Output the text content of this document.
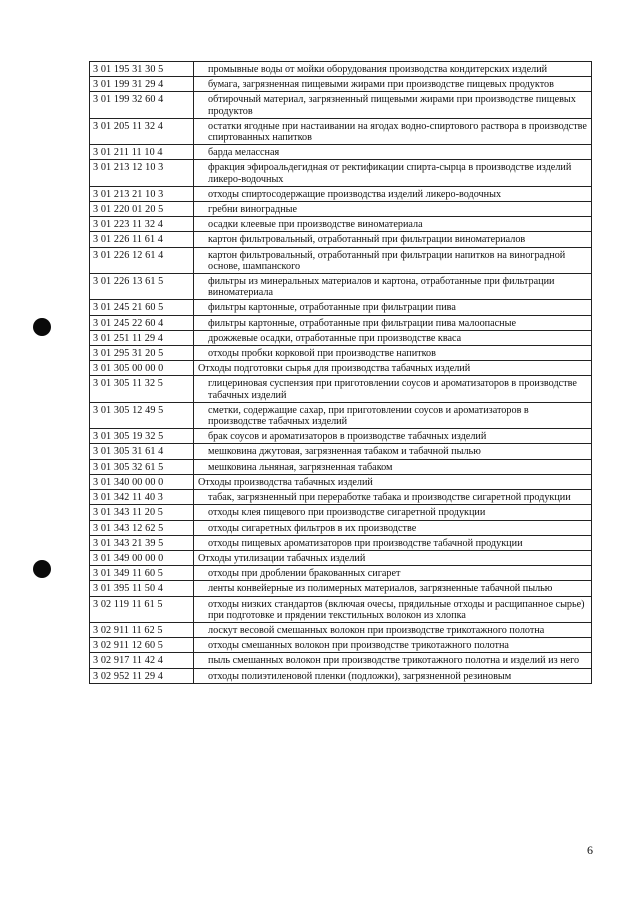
3 01 195 31 30 5	промывные воды от мойки оборудования производства кондитерских изделий
3 01 199 31 29 4	бумага, загрязненная пищевыми жирами при производстве пищевых продуктов
3 01 199 32 60 4	обтирочный материал, загрязненный пищевыми жирами при производстве пищевых продуктов
3 01 205 11 32 4	остатки ягодные при настаивании на ягодах водно-спиртового раствора в производстве спиртованных напитков
3 01 211 11 10 4	барда мелассная
3 01 213 12 10 3	фракция эфироальдегидная от ректификации спирта-сырца в производстве изделий ликеро-водочных
3 01 213 21 10 3	отходы спиртосодержащие производства изделий ликеро-водочных
3 01 220 01 20 5	гребни виноградные
3 01 223 11 32 4	осадки клеевые при производстве виноматериала
3 01 226 11 61 4	картон фильтровальный, отработанный при фильтрации виноматериалов
3 01 226 12 61 4	картон фильтровальный, отработанный при фильтрации напитков на виноградной основе, шампанского
3 01 226 13 61 5	фильтры из минеральных материалов и картона, отработанные при фильтрации виноматериала
3 01 245 21 60 5	фильтры картонные, отработанные при фильтрации пива
3 01 245 22 60 4	фильтры картонные, отработанные при фильтрации пива малоопасные
3 01 251 11 29 4	дрожжевые осадки, отработанные при производстве кваса
3 01 295 31 20 5	отходы пробки корковой при производстве напитков
3 01 305 00 00 0	Отходы подготовки сырья для производства табачных изделий
3 01 305 11 32 5	глицериновая суспензия при приготовлении соусов и ароматизаторов в производстве табачных изделий
3 01 305 12 49 5	сметки, содержащие сахар, при приготовлении соусов и ароматизаторов в производстве табачных изделий
3 01 305 19 32 5	брак соусов и ароматизаторов в производстве табачных изделий
3 01 305 31 61 4	мешковина джутовая, загрязненная табаком и табачной пылью
3 01 305 32 61 5	мешковина льняная, загрязненная табаком
3 01 340 00 00 0	Отходы производства табачных изделий
3 01 342 11 40 3	табак, загрязненный при переработке табака и производстве сигаретной продукции
3 01 343 11 20 5	отходы клея пищевого при производстве сигаретной продукции
3 01 343 12 62 5	отходы сигаретных фильтров в их производстве
3 01 343 21 39 5	отходы пищевых ароматизаторов при производстве табачной продукции
3 01 349 00 00 0	Отходы утилизации табачных изделий
3 01 349 11 60 5	отходы при дроблении бракованных сигарет
3 01 395 11 50 4	ленты конвейерные из полимерных материалов, загрязненные табачной пылью
3 02 119 11 61 5	отходы низких стандартов (включая очесы, прядильные отходы и расщипанное сырье) при подготовке и прядении текстильных волокон из хлопка
3 02 911 11 62 5	лоскут весовой смешанных волокон при производстве трикотажного полотна
3 02 911 12 60 5	отходы смешанных волокон при производстве трикотажного полотна
3 02 917 11 42 4	пыль смешанных волокон при производстве трикотажного полотна и изделий из него
3 02 952 11 29 4	отходы полиэтиленовой пленки (подложки), загрязненной резиновым
6
